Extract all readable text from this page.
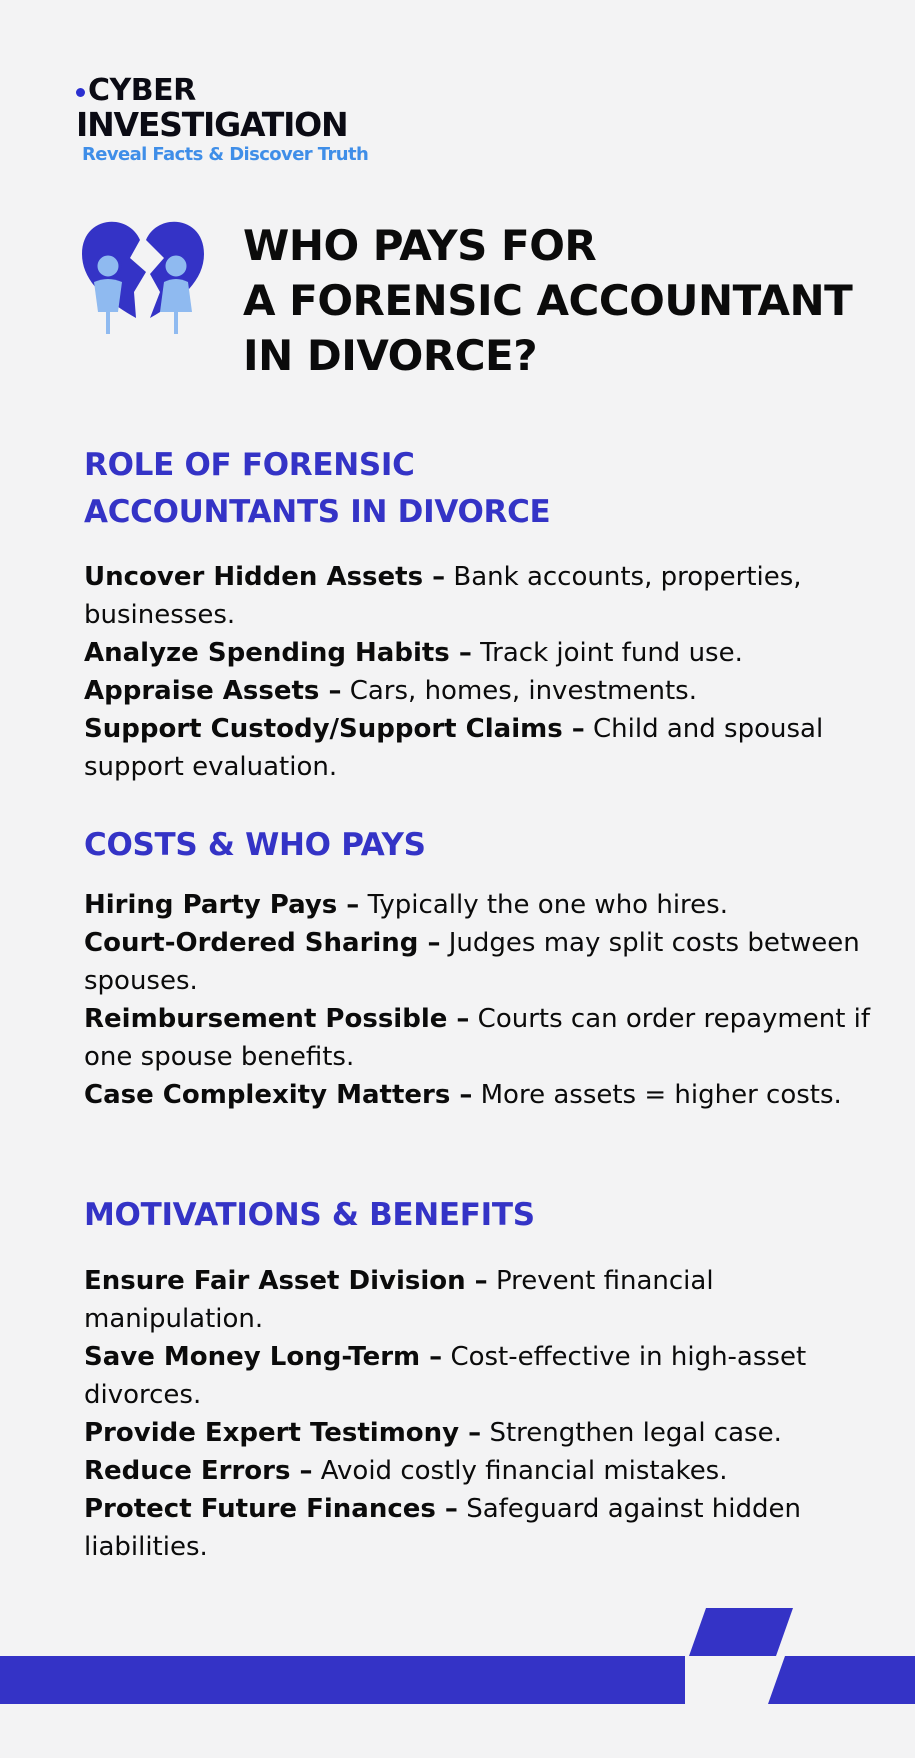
CYBER
INVESTIGATION
Reveal Facts & Discover Truth
WHO PAYS FOR
A FORENSIC ACCOUNTANT
IN DIVORCE?
ROLE OF FORENSIC
ACCOUNTANTS IN DIVORCE
Uncover Hidden Assets – Bank accounts, properties, businesses.
Analyze Spending Habits – Track joint fund use.
Appraise Assets – Cars, homes, investments.
Support Custody/Support Claims – Child and spousal support evaluation.
COSTS & WHO PAYS
Hiring Party Pays – Typically the one who hires.
Court-Ordered Sharing – Judges may split costs between spouses.
Reimbursement Possible – Courts can order repayment if one spouse benefits.
Case Complexity Matters – More assets = higher costs.
MOTIVATIONS & BENEFITS
Ensure Fair Asset Division – Prevent financial manipulation.
Save Money Long-Term – Cost-effective in high-asset divorces.
Provide Expert Testimony – Strengthen legal case.
Reduce Errors – Avoid costly financial mistakes.
Protect Future Finances – Safeguard against hidden liabilities.
